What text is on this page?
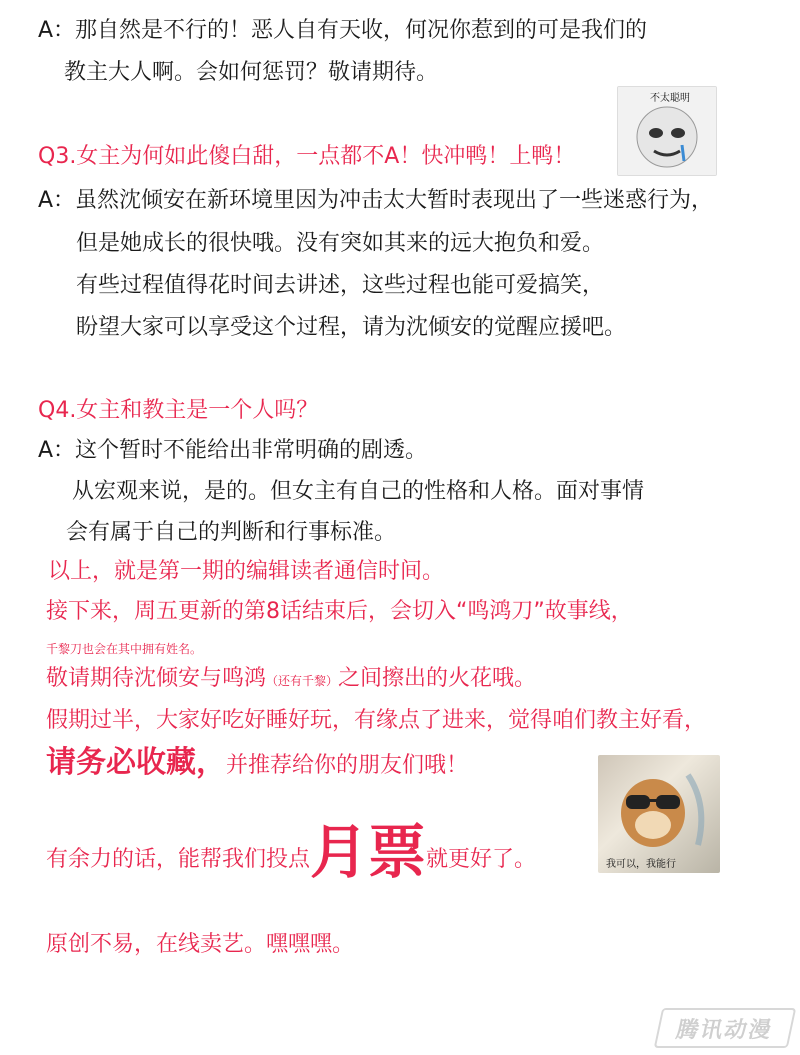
A：那自然是不行的！恶人自有天收，何况你惹到的可是我们的
教主大人啊。会如何惩罚？敬请期待。
不太聪明
Q3.女主为何如此傻白甜，一点都不A！快冲鸭！上鸭！
A：虽然沈倾安在新环境里因为冲击太大暂时表现出了一些迷惑行为，
但是她成长的很快哦。没有突如其来的远大抱负和爱。
有些过程值得花时间去讲述，这些过程也能可爱搞笑，
盼望大家可以享受这个过程，请为沈倾安的觉醒应援吧。
Q4.女主和教主是一个人吗？
A：这个暂时不能给出非常明确的剧透。
从宏观来说，是的。但女主有自己的性格和人格。面对事情
会有属于自己的判断和行事标准。
以上，就是第一期的编辑读者通信时间。
接下来，周五更新的第8话结束后，会切入“鸣鸿刀”故事线，
千黎刀也会在其中拥有姓名。
敬请期待沈倾安与鸣鸿（还有千黎）之间擦出的火花哦。
假期过半，大家好吃好睡好玩，有缘点了进来，觉得咱们教主好看，
请务必收藏，并推荐给你的朋友们哦！
我可以，我能行
有余力的话，能帮我们投点月票就更好了。
原创不易，在线卖艺。嘿嘿嘿。
腾讯动漫
